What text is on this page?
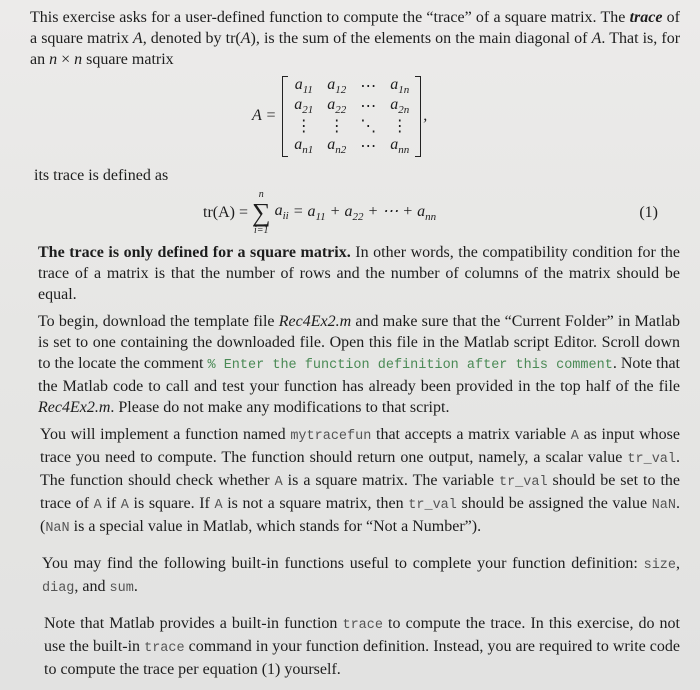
This exercise asks for a user-defined function to compute the “trace” of a square matrix. The trace of a square matrix A, denoted by tr(A), is the sum of the elements on the main diagonal of A. That is, for an n × n square matrix

A =
$a_{11}$	$a_{12}$	⋯	$a_{1n}$
$a_{21}$	$a_{22}$	⋯	$a_{2n}$
⋮	⋮	⋱	⋮
$a_{n1}$	$a_{n2}$	⋯	$a_{nn}$
,

its trace is defined as

tr(A) =
n
∑
i=1
$a_{ii} = a_{11} + a_{22}$ + ⋯ + $a_{nn}$	(1)

The trace is only defined for a square matrix. In other words, the compatibility condition for the trace of a matrix is that the number of rows and the number of columns of the matrix should be equal.

To begin, download the template file Rec4Ex2.m and make sure that the “Current Folder” in Matlab is set to one containing the downloaded file. Open this file in the Matlab script Editor. Scroll down to the locate the comment % Enter the function definition after this comment. Note that the Matlab code to call and test your function has already been provided in the top half of the file Rec4Ex2.m. Please do not make any modifications to that script.

You will implement a function named mytracefun that accepts a matrix variable A as input whose trace you need to compute. The function should return one output, namely, a scalar value tr_val. The function should check whether A is a square matrix. The variable tr_val should be set to the trace of A if A is square. If A is not a square matrix, then tr_val should be assigned the value NaN. (NaN is a special value in Matlab, which stands for “Not a Number”).

You may find the following built-in functions useful to complete your function definition: size, diag, and sum.

Note that Matlab provides a built-in function trace to compute the trace. In this exercise, do not use the built-in trace command in your function definition. Instead, you are required to write code to compute the trace per equation (1) yourself.
